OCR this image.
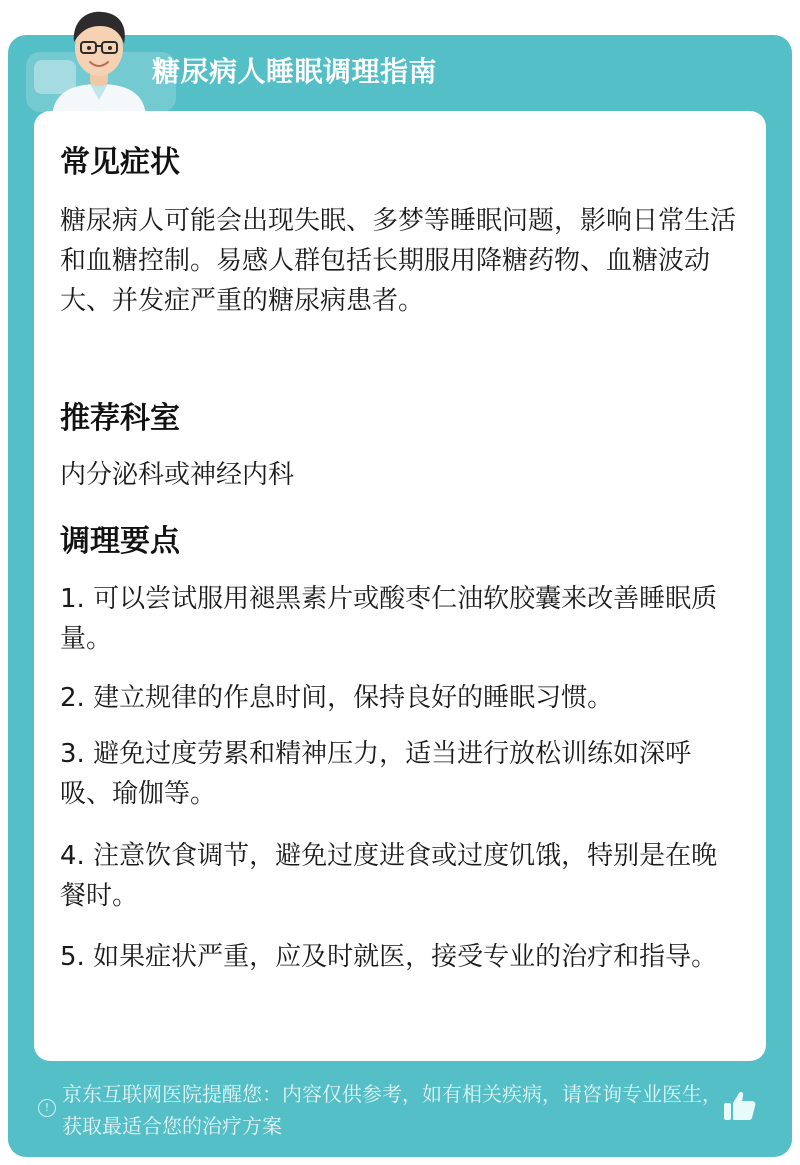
糖尿病人睡眠调理指南
常见症状
糖尿病人可能会出现失眠、多梦等睡眠问题，影响日常生活和血糖控制。易感人群包括长期服用降糖药物、血糖波动大、并发症严重的糖尿病患者。
推荐科室
内分泌科或神经内科
调理要点
1. 可以尝试服用褪黑素片或酸枣仁油软胶囊来改善睡眠质量。
2. 建立规律的作息时间，保持良好的睡眠习惯。
3. 避免过度劳累和精神压力，适当进行放松训练如深呼吸、瑜伽等。
4. 注意饮食调节，避免过度进食或过度饥饿，特别是在晚餐时。
5. 如果症状严重，应及时就医，接受专业的治疗和指导。
!
京东互联网医院提醒您：内容仅供参考，如有相关疾病，请咨询专业医生，获取最适合您的治疗方案
